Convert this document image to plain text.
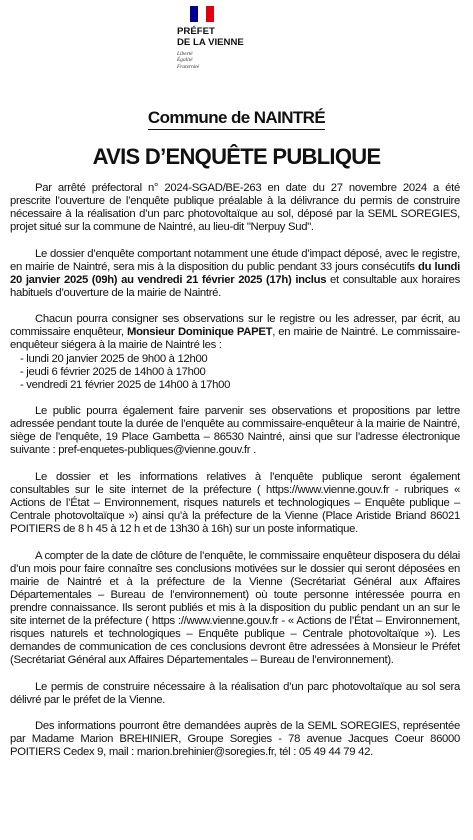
PRÉFET
DE LA VIENNE
Liberté
Égalité
Fraternité
Commune de NAINTRÉ
AVIS D’ENQUÊTE PUBLIQUE

Par arrêté préfectoral n° 2024-SGAD/BE-263 en date du 27 novembre 2024 a été prescrite l’ouverture de l’enquête publique préalable à la délivrance du permis de construire nécessaire à la réalisation d’un parc photovoltaïque au sol, déposé par la SEML SOREGIES, projet situé sur la commune de Naintré, au lieu-dit "Nerpuy Sud".

Le dossier d’enquête comportant notamment une étude d’impact déposé, avec le registre, en mairie de Naintré, sera mis à la disposition du public pendant 33 jours consécutifs du lundi 20 janvier 2025 (09h) au vendredi 21 février 2025 (17h) inclus et consultable aux horaires habituels d’ouverture de la mairie de Naintré.

Chacun pourra consigner ses observations sur le registre ou les adresser, par écrit, au commissaire enquêteur, Monsieur Dominique PAPET, en mairie de Naintré. Le commissaire-enquêteur siégera à la mairie de Naintré les :

- lundi 20 janvier 2025 de 9h00 à 12h00
- jeudi 6 février 2025 de 14h00 à 17h00
- vendredi 21 février 2025 de 14h00 à 17h00

Le public pourra également faire parvenir ses observations et propositions par lettre adressée pendant toute la durée de l’enquête au commissaire-enquêteur à la mairie de Naintré, siège de l’enquête, 19 Place Gambetta – 86530 Naintré, ainsi que sur l’adresse électronique suivante : pref-enquetes-publiques@vienne.gouv.fr .

Le dossier et les informations relatives à l’enquête publique seront également consultables sur le site internet de la préfecture ( https://www.vienne.gouv.fr - rubriques « Actions de l’État – Environnement, risques naturels et technologiques – Enquête publique – Centrale photovoltaïque ») ainsi qu’à la préfecture de la Vienne (Place Aristide Briand 86021 POITIERS de 8 h 45 à 12 h et de 13h30 à 16h) sur un poste informatique.

A compter de la date de clôture de l’enquête, le commissaire enquêteur disposera du délai d’un mois pour faire connaître ses conclusions motivées sur le dossier qui seront déposées en mairie de Naintré et à la préfecture de la Vienne (Secrétariat Général aux Affaires Départementales – Bureau de l’environnement) où toute personne intéressée pourra en prendre connaissance. Ils seront publiés et mis à la disposition du public pendant un an sur le site internet de la préfecture ( https ://www.vienne.gouv.fr - « Actions de l’État – Environnement, risques naturels et technologiques – Enquête publique – Centrale photovoltaïque »). Les demandes de communication de ces conclusions devront être adressées à Monsieur le Préfet (Secrétariat Général aux Affaires Départementales – Bureau de l’environnement).

Le permis de construire nécessaire à la réalisation d’un parc photovoltaïque au sol sera délivré par le préfet de la Vienne.

Des informations pourront être demandées auprès de la SEML SOREGIES, représentée par Madame Marion BREHINIER, Groupe Soregies - 78 avenue Jacques Coeur 86000 POITIERS Cedex 9, mail : marion.brehinier@soregies.fr, tél : 05 49 44 79 42.
